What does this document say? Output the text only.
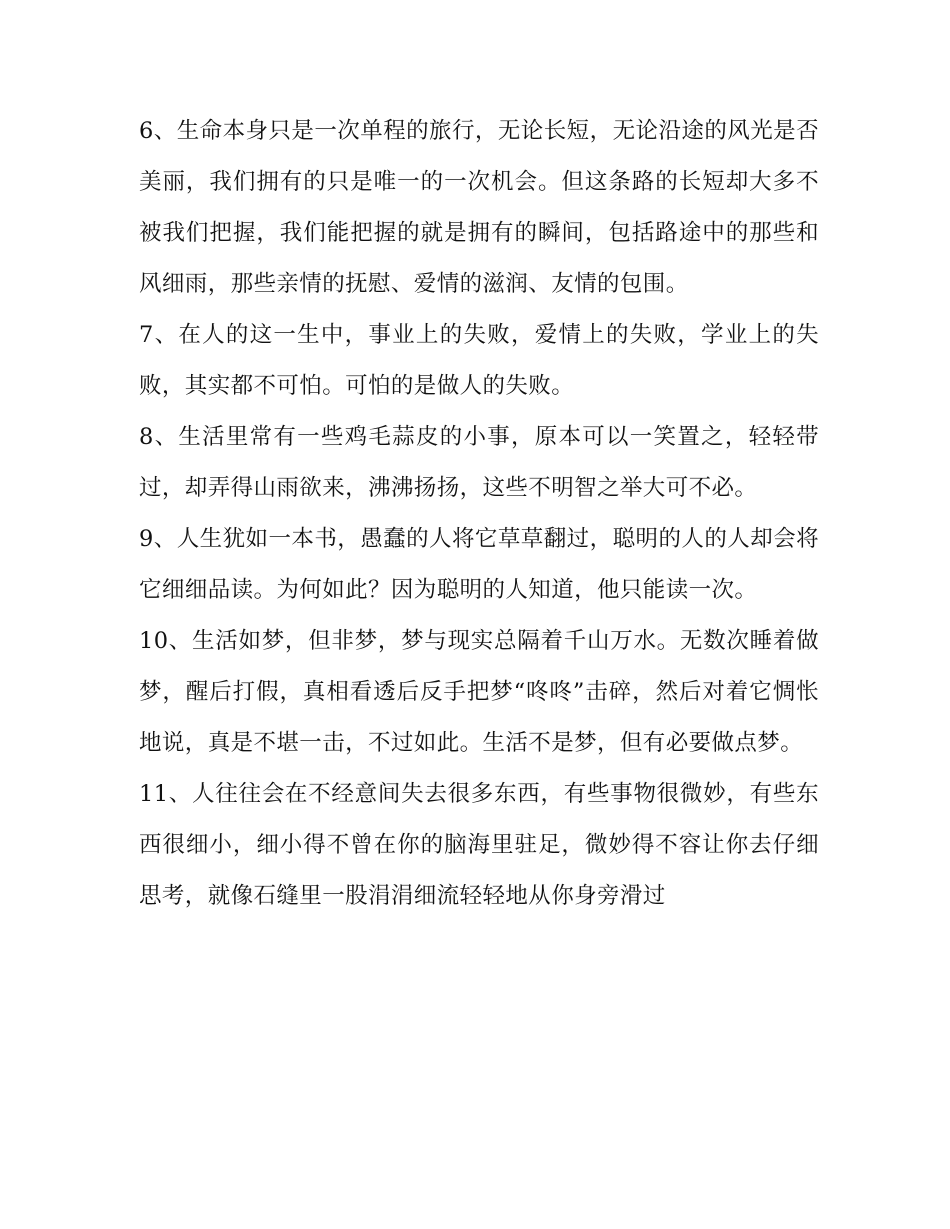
6、生命本身只是一次单程的旅行，无论长短，无论沿途的风光是否美丽，我们拥有的只是唯一的一次机会。但这条路的长短却大多不被我们把握，我们能把握的就是拥有的瞬间，包括路途中的那些和风细雨，那些亲情的抚慰、爱情的滋润、友情的包围。

7、在人的这一生中，事业上的失败，爱情上的失败，学业上的失败，其实都不可怕。可怕的是做人的失败。

8、生活里常有一些鸡毛蒜皮的小事，原本可以一笑置之，轻轻带过，却弄得山雨欲来，沸沸扬扬，这些不明智之举大可不必。

9、人生犹如一本书，愚蠢的人将它草草翻过，聪明的人的人却会将它细细品读。为何如此？因为聪明的人知道，他只能读一次。

10、生活如梦，但非梦，梦与现实总隔着千山万水。无数次睡着做梦，醒后打假，真相看透后反手把梦“咚咚”击碎，然后对着它惆怅地说，真是不堪一击，不过如此。生活不是梦，但有必要做点梦。

11、人往往会在不经意间失去很多东西，有些事物很微妙，有些东西很细小，细小得不曾在你的脑海里驻足，微妙得不容让你去仔细思考，就像石缝里一股涓涓细流轻轻地从你身旁滑过
